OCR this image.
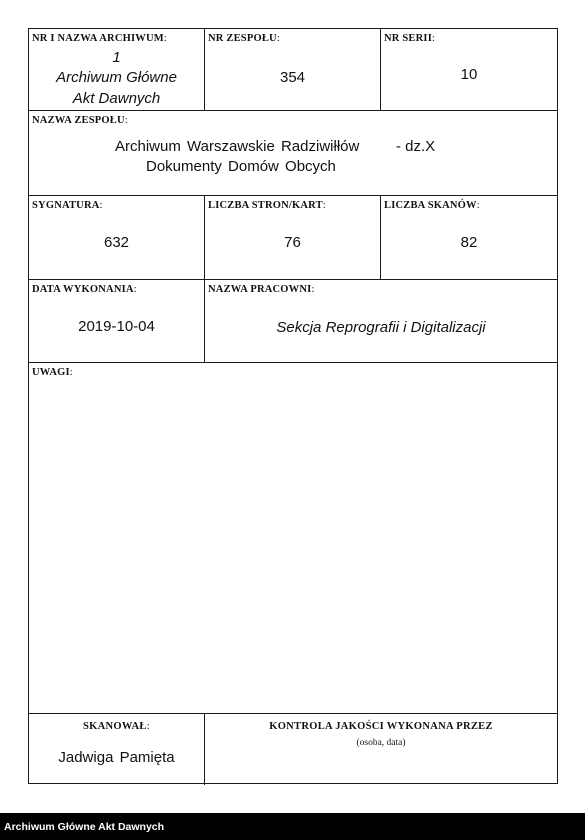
NR I NAZWA ARCHIWUM:
1
Archiwum Główne
Akt Dawnych
NR ZESPOŁU:
354
NR SERII:
10
NAZWA ZESPOŁU:
Archiwum Warszawskie Radziwiłłów - dz.X
Dokumenty Domów Obcych
SYGNATURA:
632
LICZBA STRON/KART:
76
LICZBA SKANÓW:
82
DATA WYKONANIA:
2019-10-04
NAZWA PRACOWNI:
Sekcja Reprografii i Digitalizacji
UWAGI:
SKANOWAŁ:
Jadwiga Pamięta
KONTROLA JAKOŚCI WYKONANA PRZEZ
(osoba, data)
Archiwum Główne Akt Dawnych
